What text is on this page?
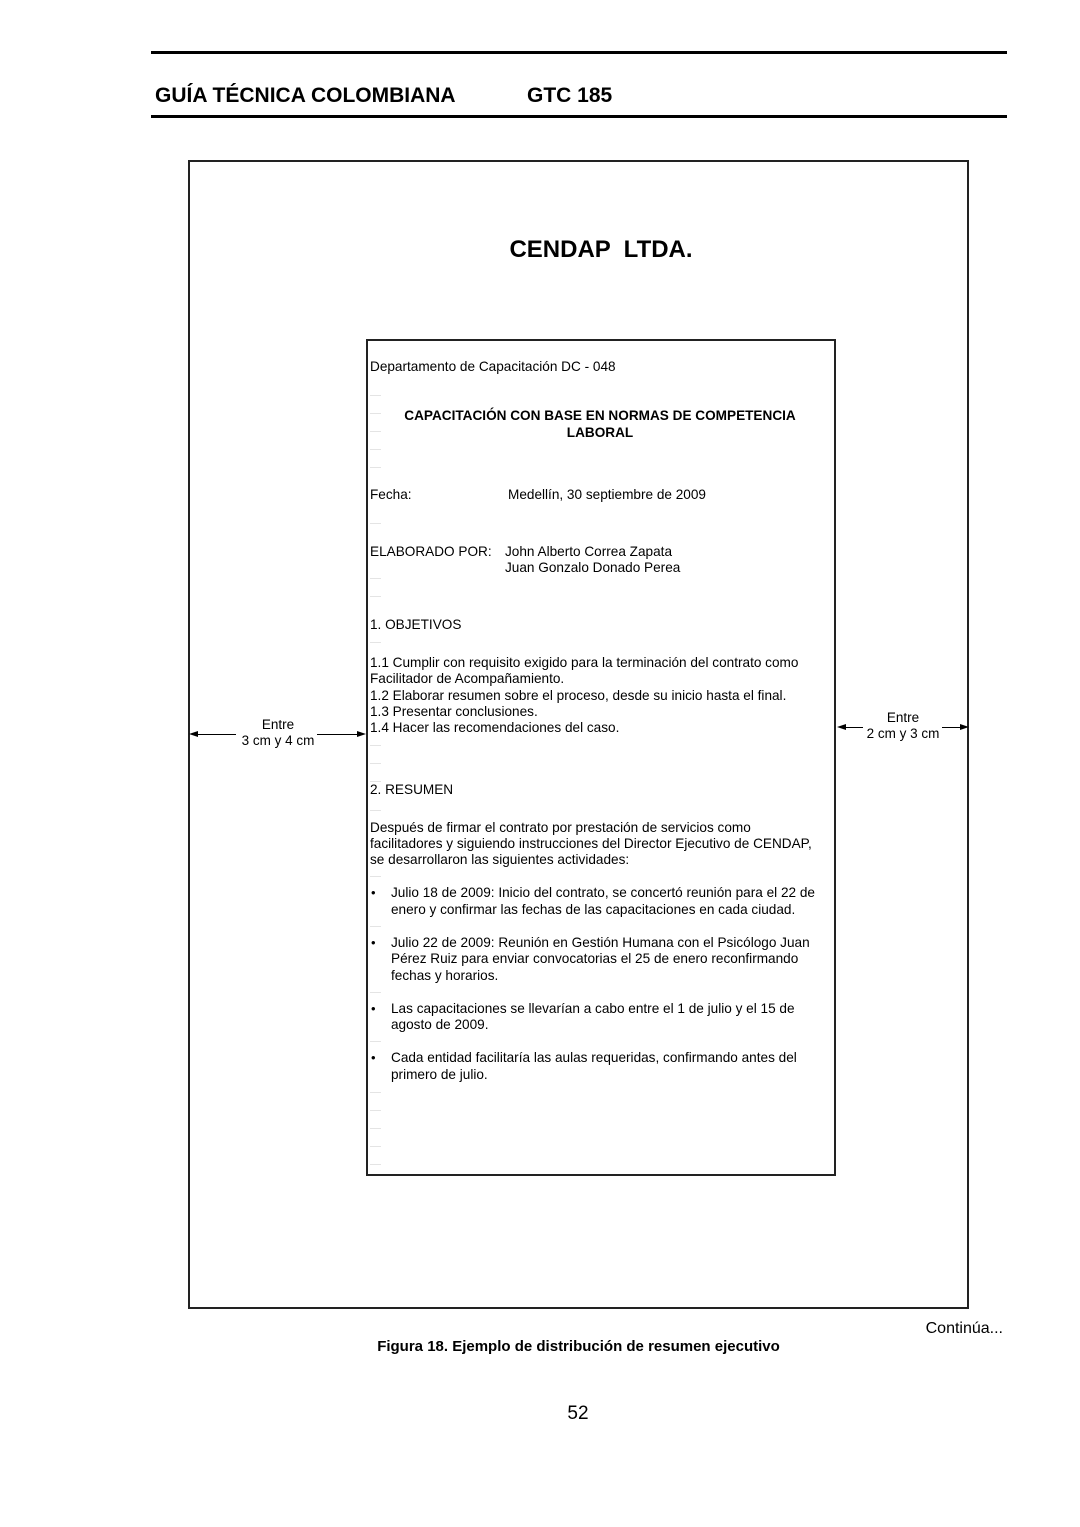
GUÍA TÉCNICA COLOMBIANA	GTC 185
CENDAP  LTDA.
Departamento de Capacitación DC - 048
CAPACITACIÓN CON BASE EN NORMAS DE COMPETENCIA
LABORAL
Fecha:	Medellín, 30 septiembre de 2009
ELABORADO POR: John Alberto Correa Zapata
Juan Gonzalo Donado Perea
1. OBJETIVOS
1.1 Cumplir con requisito exigido para la terminación del contrato como
Facilitador de Acompañamiento.
1.2 Elaborar resumen sobre el proceso, desde su inicio hasta el final.
1.3 Presentar conclusiones.
1.4 Hacer las recomendaciones del caso.
2. RESUMEN
Después de firmar el contrato por prestación de servicios como
facilitadores y siguiendo instrucciones del Director Ejecutivo de CENDAP,
se desarrollaron las siguientes actividades:
• Julio 18 de 2009: Inicio del contrato, se concertó reunión para el 22 de
enero y confirmar las fechas de las capacitaciones en cada ciudad.
• Julio 22 de 2009: Reunión en Gestión Humana con el Psicólogo Juan
Pérez Ruiz para enviar convocatorias el 25 de enero reconfirmando
fechas y horarios.
• Las capacitaciones se llevarían a cabo entre el 1 de julio y el 15 de
agosto de 2009.
• Cada entidad facilitaría las aulas requeridas, confirmando antes del
primero de julio.
Entre
3 cm y 4 cm
Entre
2 cm y 3 cm
Continúa...
Figura 18. Ejemplo de distribución de resumen ejecutivo
52
